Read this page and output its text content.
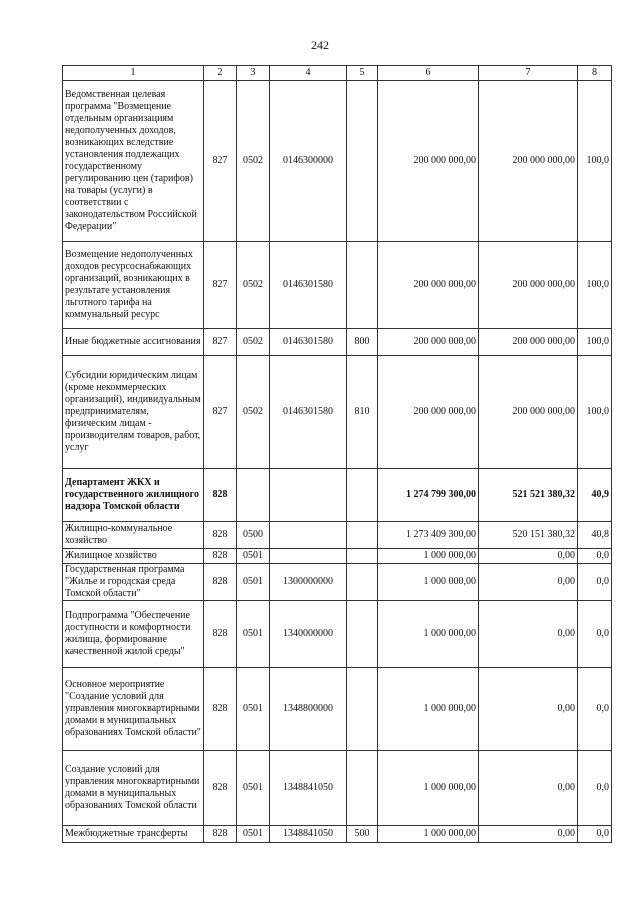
242
1	2	3	4	5	6	7	8
Ведомственная целевая программа "Возмещение отдельным организациям недополученных доходов, возникающих вследствие установления подлежащих государственному регулированию цен (тарифов) на товары (услуги) в соответствии с законодательством Российской Федерации"	827	0502	0146300000		200 000 000,00	200 000 000,00	100,0
Возмещение недополученных доходов ресурсоснабжающих организаций, возникающих в результате установления льготного тарифа на коммунальный ресурс	827	0502	0146301580		200 000 000,00	200 000 000,00	100,0
Иные бюджетные ассигнования	827	0502	0146301580	800	200 000 000,00	200 000 000,00	100,0
Субсидии юридическим лицам (кроме некоммерческих организаций), индивидуальным предпринимателям, физическим лицам - производителям товаров, работ, услуг	827	0502	0146301580	810	200 000 000,00	200 000 000,00	100,0
Департамент ЖКХ и государственного жилищного надзора Томской области	828				1 274 799 300,00	521 521 380,32	40,9
Жилищно-коммунальное хозяйство	828	0500			1 273 409 300,00	520 151 380,32	40,8
Жилищное хозяйство	828	0501			1 000 000,00	0,00	0,0
Государственная программа "Жилье и городская среда Томской области"	828	0501	1300000000		1 000 000,00	0,00	0,0
Подпрограмма "Обеспечение доступности и комфортности жилища, формирование качественной жилой среды"	828	0501	1340000000		1 000 000,00	0,00	0,0
Основное мероприятие "Создание условий для управления многоквартирными домами в муниципальных образованиях Томской области"	828	0501	1348800000		1 000 000,00	0,00	0,0
Создание условий для управления многоквартирными домами в муниципальных образованиях Томской области	828	0501	1348841050		1 000 000,00	0,00	0,0
Межбюджетные трансферты	828	0501	1348841050	500	1 000 000,00	0,00	0,0
